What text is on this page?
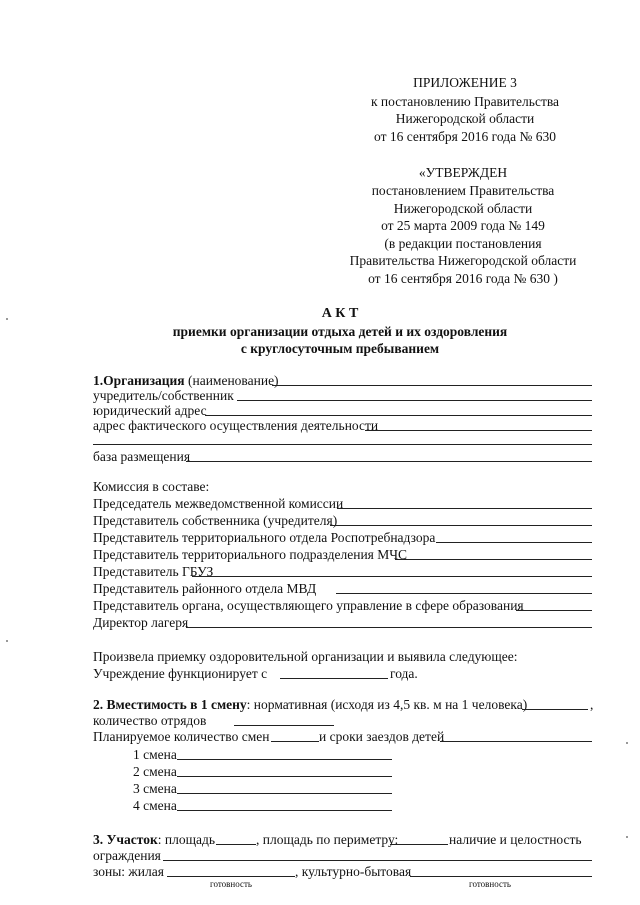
ПРИЛОЖЕНИЕ 3
к постановлению Правительства
Нижегородской области
от 16 сентября 2016 года № 630
«УТВЕРЖДЕН
постановлением Правительства
Нижегородской области
от 25 марта 2009 года № 149
(в редакции постановления
Правительства Нижегородской области
от 16 сентября 2016 года № 630 )
А К Т
приемки организации отдыха детей и их оздоровления
с круглосуточным пребыванием
1.Организация (наименование)
учредитель/собственник
юридический адрес
адрес фактического осуществления деятельности
база размещения
Комиссия в составе:
Председатель межведомственной комиссии
Представитель собственника (учредителя)
Представитель территориального отдела Роспотребнадзора
Представитель территориального подразделения МЧС
Представитель ГБУЗ
Представитель районного отдела МВД
Представитель органа, осуществляющего управление в сфере образования
Директор лагеря
Произвела приемку оздоровительной организации и выявила следующее:
Учреждение функционирует с	года.
2. Вместимость в 1 смену: нормативная (исходя из 4,5 кв. м на 1 человека)	,
количество отрядов
Планируемое количество смен	и сроки заездов детей
1 смена
2 смена
3 смена
4 смена
3. Участок: площадь	, площадь по периметру:	наличие и целостность
ограждения
зоны: жилая	, культурно-бытовая
готовность	готовность
